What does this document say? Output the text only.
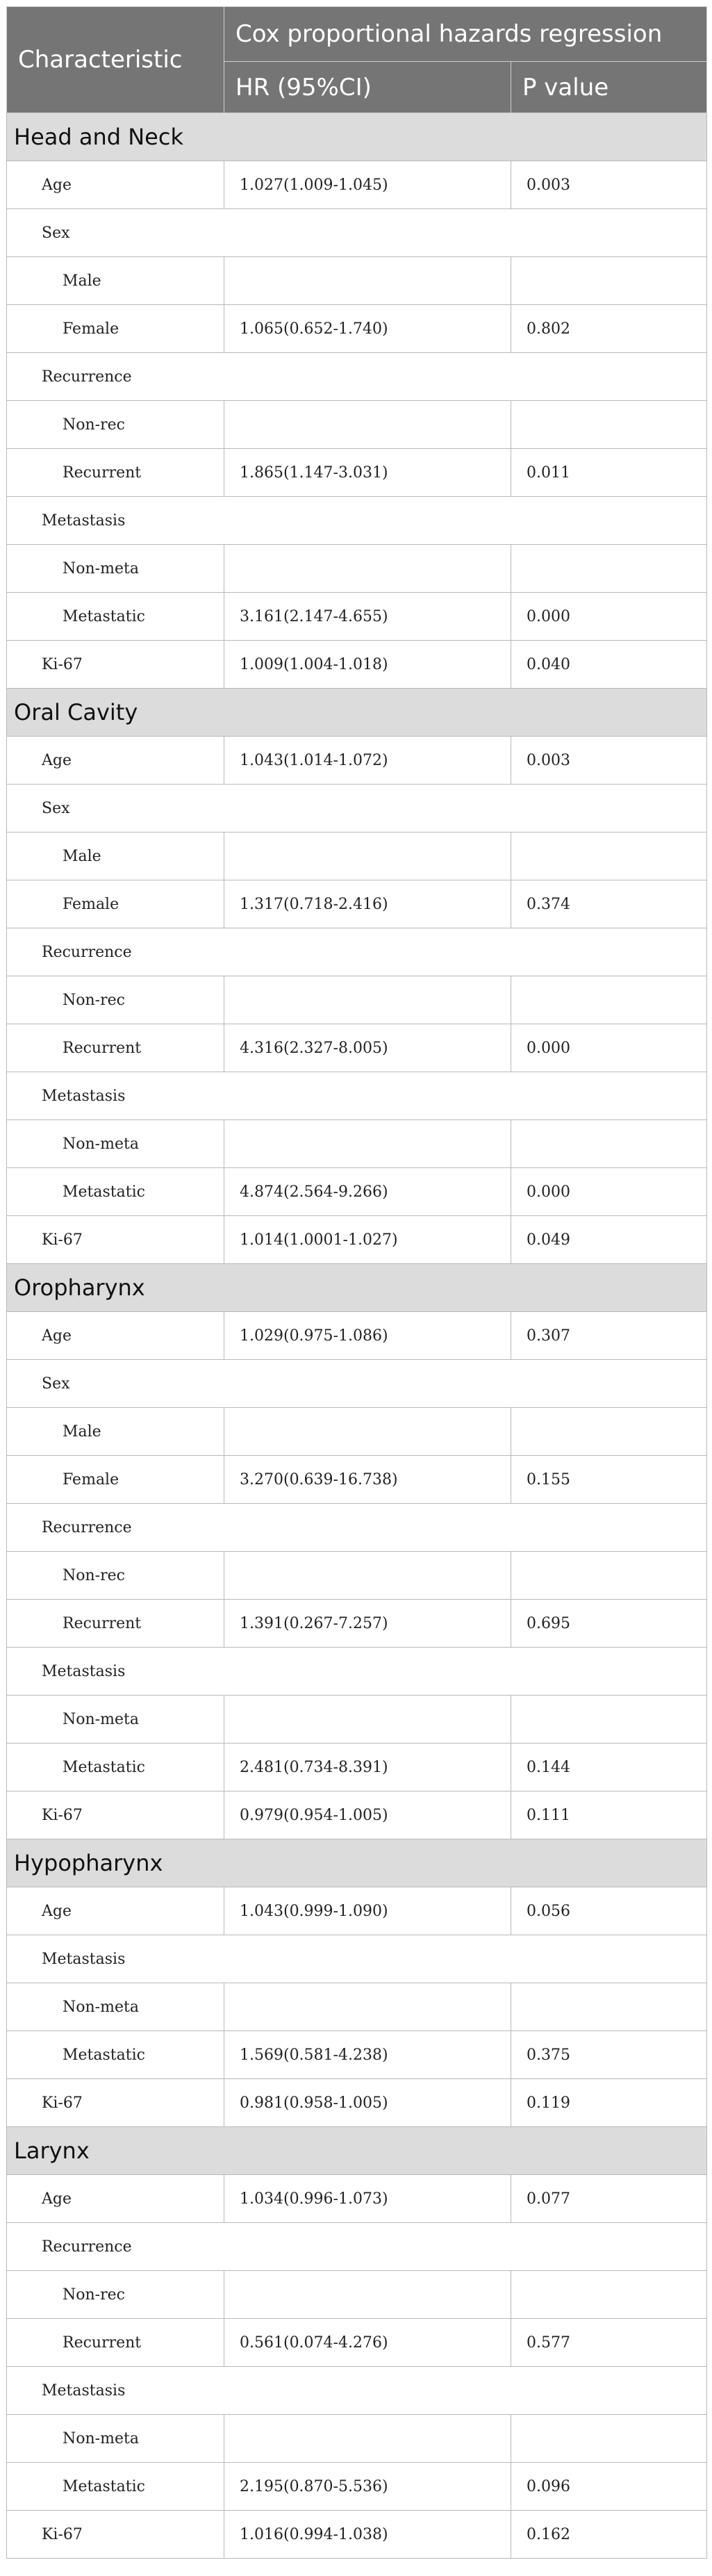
Characteristic	Cox proportional hazards regression	
	HR (95%CI)	P value
Head and Neck		
Age	1.027(1.009-1.045)	0.003
Sex		
Male		
Female	1.065(0.652-1.740)	0.802
Recurrence		
Non-rec		
Recurrent	1.865(1.147-3.031)	0.011
Metastasis		
Non-meta		
Metastatic	3.161(2.147-4.655)	0.000
Ki-67	1.009(1.004-1.018)	0.040
Oral Cavity		
Age	1.043(1.014-1.072)	0.003
Sex		
Male		
Female	1.317(0.718-2.416)	0.374
Recurrence		
Non-rec		
Recurrent	4.316(2.327-8.005)	0.000
Metastasis		
Non-meta		
Metastatic	4.874(2.564-9.266)	0.000
Ki-67	1.014(1.0001-1.027)	0.049
Oropharynx		
Age	1.029(0.975-1.086)	0.307
Sex		
Male		
Female	3.270(0.639-16.738)	0.155
Recurrence		
Non-rec		
Recurrent	1.391(0.267-7.257)	0.695
Metastasis		
Non-meta		
Metastatic	2.481(0.734-8.391)	0.144
Ki-67	0.979(0.954-1.005)	0.111
Hypopharynx		
Age	1.043(0.999-1.090)	0.056
Metastasis		
Non-meta		
Metastatic	1.569(0.581-4.238)	0.375
Ki-67	0.981(0.958-1.005)	0.119
Larynx		
Age	1.034(0.996-1.073)	0.077
Recurrence		
Non-rec		
Recurrent	0.561(0.074-4.276)	0.577
Metastasis		
Non-meta		
Metastatic	2.195(0.870-5.536)	0.096
Ki-67	1.016(0.994-1.038)	0.162
